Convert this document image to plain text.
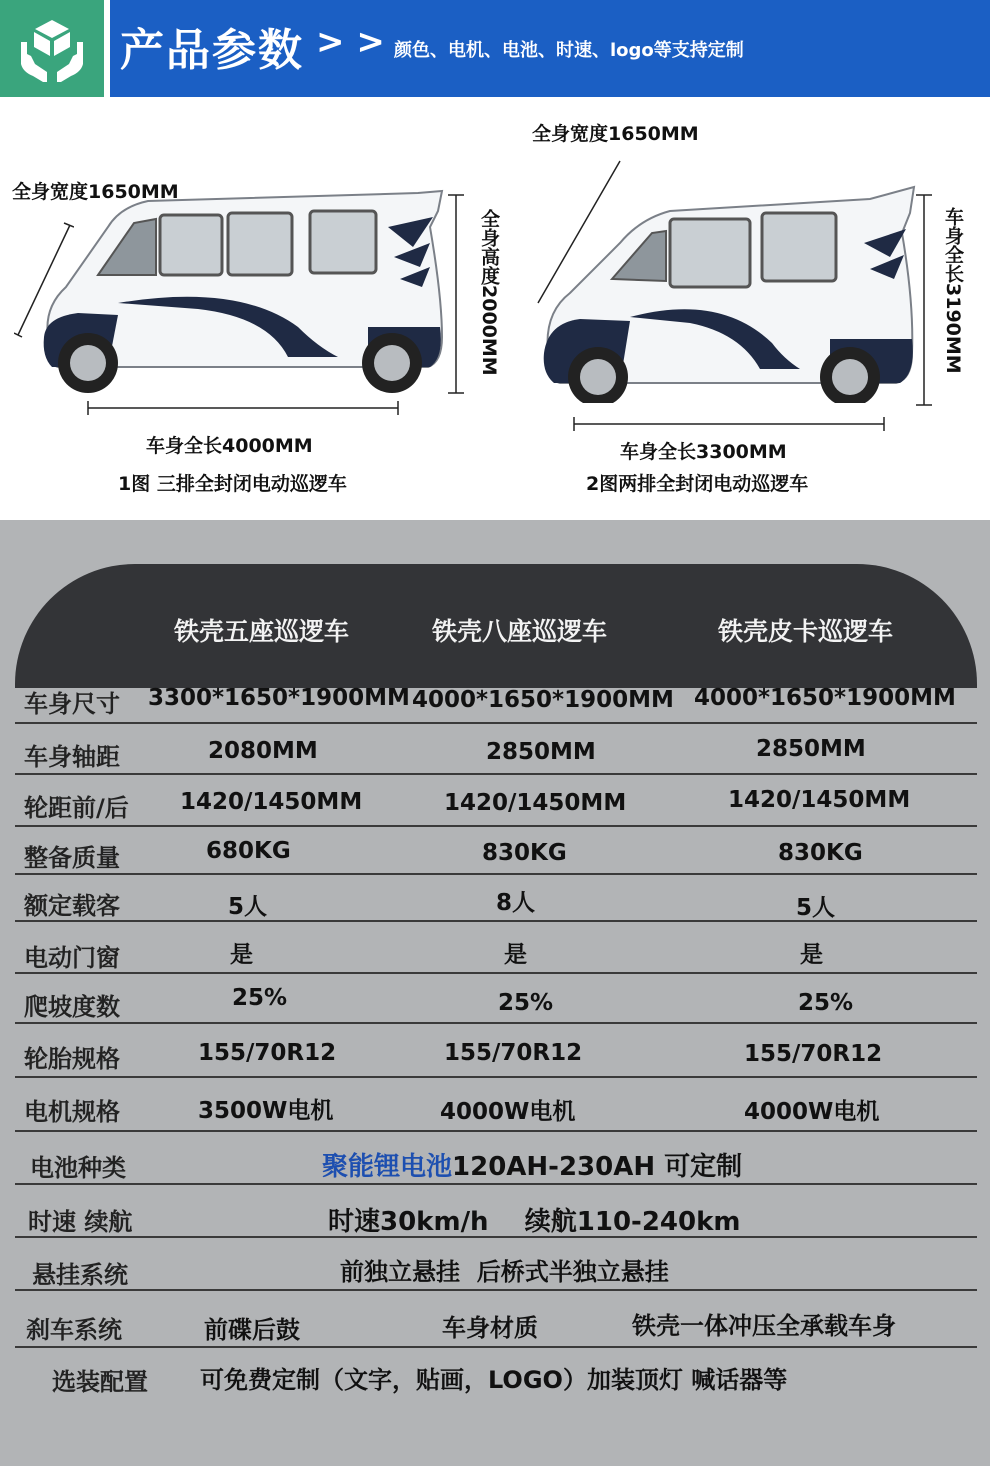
产品参数 > > 颜色、电机、电池、时速、logo等支持定制
全身宽度1650MM
全身高度2000MM
车身全长4000MM
1图 三排全封闭电动巡逻车
全身宽度1650MM
车身全长3190MM
车身全长3300MM
2图两排全封闭电动巡逻车
铁壳五座巡逻车	铁壳八座巡逻车	铁壳皮卡巡逻车
车身尺寸 3300*1650*1900MM 4000*1650*1900MM 4000*1650*1900MM
车身轴距	2080MM	2850MM	2850MM
轮距前/后 1420/1450MM	1420/1450MM	1420/1450MM
整备质量	680KG	830KG	830KG
额定载客	5人	8人	5人
电动门窗	是	是	是
爬坡度数	25%	25%	25%
轮胎规格	155/70R12	155/70R12	155/70R12
电机规格	3500W电机	4000W电机	4000W电机
电池种类	聚能锂电池120AH-230AH 可定制
时速 续航	时速30km/h    续航110-240km
悬挂系统	前独立悬挂  后桥式半独立悬挂
刹车系统	前碟后鼓	车身材质	铁壳一体冲压全承载车身
选装配置 可免费定制（文字，贴画，LOGO）加装顶灯 喊话器等
